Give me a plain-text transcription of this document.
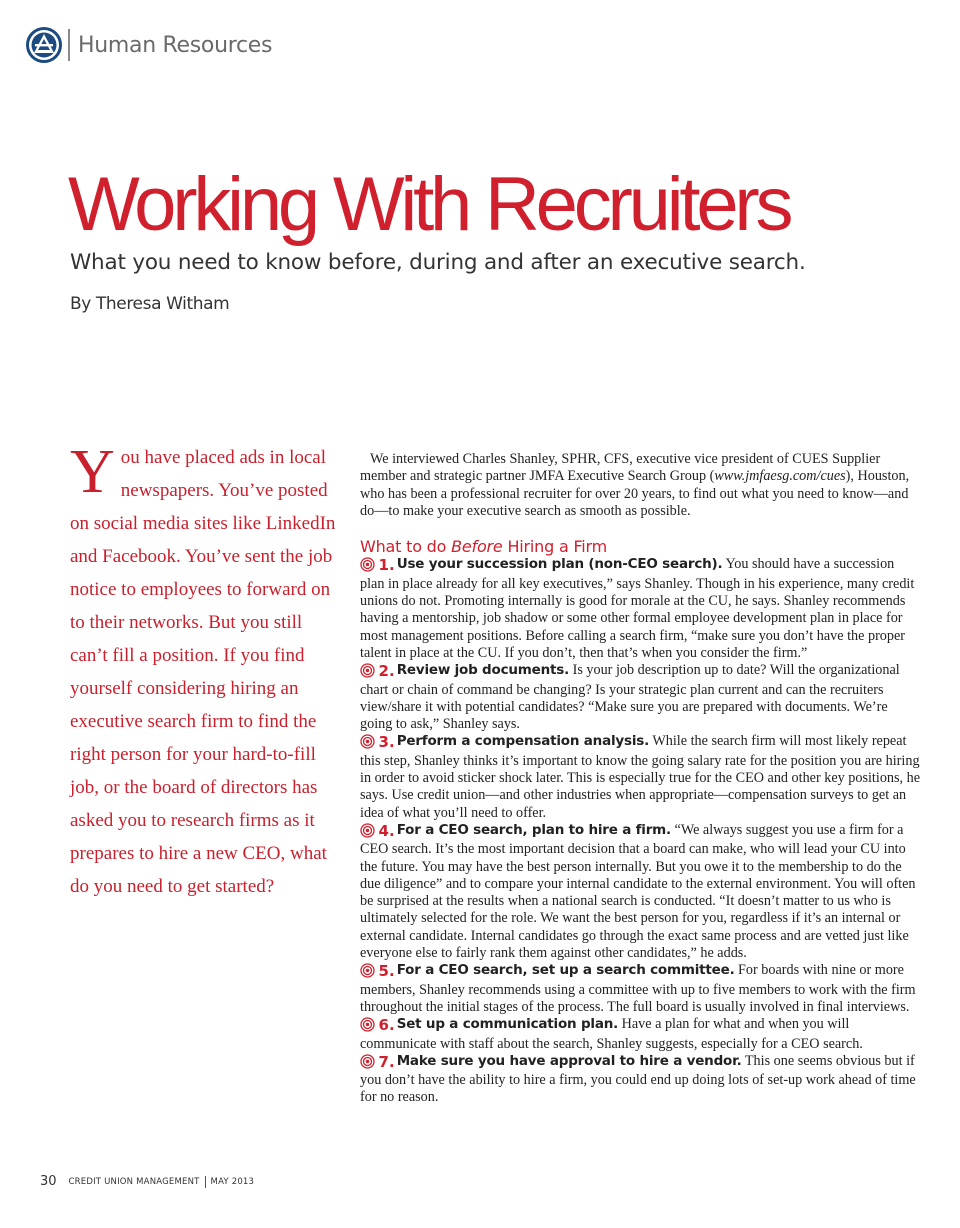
Human Resources
Working With Recruiters
What you need to know before, during and after an executive search.

By Theresa Witham

You have placed ads in local newspapers. You’ve posted on social media sites like LinkedIn and Facebook. You’ve sent the job notice to employees to forward on to their networks. But you still can’t fill a position. If you find yourself considering hiring an executive search firm to find the right person for your hard-to-fill job, or the board of directors has asked you to research firms as it prepares to hire a new CEO, what do you need to get started?

We interviewed Charles Shanley, SPHR, CFS, executive vice president of CUES Supplier member and strategic partner JMFA Executive Search Group (www.jmfaesg.com/cues), Houston, who has been a professional recruiter for over 20 years, to find out what you need to know—and do—to make your executive search as smooth as possible.

What to do Before Hiring a Firm

1. Use your succession plan (non-CEO search). You should have a succession plan in place already for all key executives,” says Shanley. Though in his experience, many credit unions do not. Promoting internally is good for morale at the CU, he says. Shanley recommends having a mentorship, job shadow or some other formal employee development plan in place for most management positions. Before calling a search firm, “make sure you don’t have the proper talent in place at the CU. If you don’t, then that’s when you consider the firm.”

2. Review job documents. Is your job description up to date? Will the organizational chart or chain of command be changing? Is your strategic plan current and can the recruiters view/share it with potential candidates? “Make sure you are prepared with documents. We’re going to ask,” Shanley says.

3. Perform a compensation analysis. While the search firm will most likely repeat this step, Shanley thinks it’s important to know the going salary rate for the position you are hiring in order to avoid sticker shock later. This is especially true for the CEO and other key positions, he says. Use credit union—and other industries when appropriate—compensation surveys to get an idea of what you’ll need to offer.

4. For a CEO search, plan to hire a firm. “We always suggest you use a firm for a CEO search. It’s the most important decision that a board can make, who will lead your CU into the future. You may have the best person internally. But you owe it to the membership to do the due diligence” and to compare your internal candidate to the external environment. You will often be surprised at the results when a national search is conducted. “It doesn’t matter to us who is ultimately selected for the role. We want the best person for you, regardless if it’s an internal or external candidate. Internal candidates go through the exact same process and are vetted just like everyone else to fairly rank them against other candidates,” he adds.

5. For a CEO search, set up a search committee. For boards with nine or more members, Shanley recommends using a committee with up to five members to work with the firm throughout the initial stages of the process. The full board is usually involved in final interviews.

6. Set up a communication plan. Have a plan for what and when you will communicate with staff about the search, Shanley suggests, especially for a CEO search.

7. Make sure you have approval to hire a vendor. This one seems obvious but if you don’t have the ability to hire a firm, you could end up doing lots of set-up work ahead of time for no reason.

30 CREDIT UNION MANAGEMENT MAY 2013
